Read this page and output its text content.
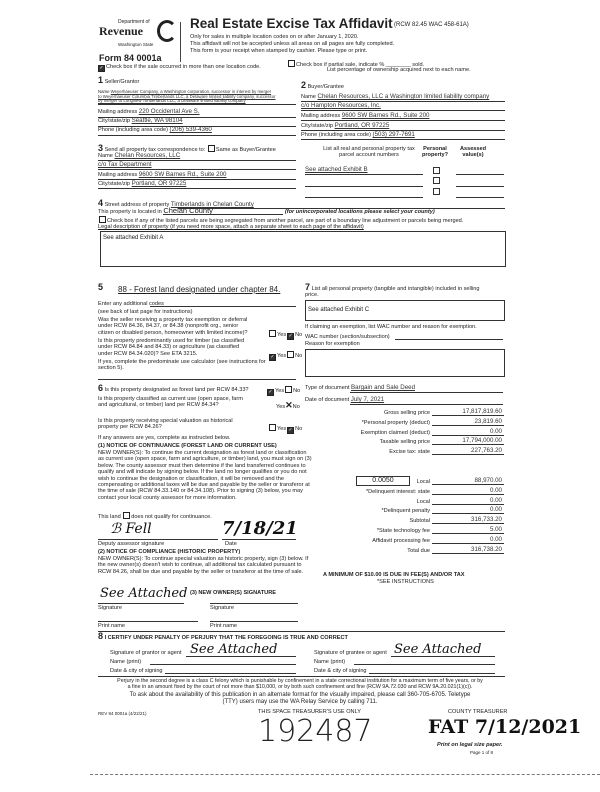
Department of
Revenue
Washington State
Form 84 0001a
Real Estate Excise Tax Affidavit (RCW 82.45 WAC 458-61A)
Only for sales in multiple location codes on or after January 1, 2020.
This affidavit will not be accepted unless all areas on all pages are fully completed.
This form is your receipt when stamped by cashier. Please type or print.
✓ Check box if the sale occurred in more than one location code.	Check box if partial sale, indicate % ________ sold.
List percentage of ownership acquired next to each name.
1 Seller/Grantor
Name Weyerhaeuser Company, a Washington corporation, successor in interest by merger
to Weyerhaeuser Columbia Timberlands LLC, a Delaware limited liability company, successor
by merger to Longview Timberlands LLC, a Delaware limited liability company
Mailing address 220 Occidental Ave S.
City/state/zip Seattle, WA 98104
Phone (including area code) (206) 539-4360
2 Buyer/Grantee
Name Chelan Resources, LLC a Washington limited liability company
c/o Hampton Resources, Inc.
Mailing address 9600 SW Barnes Rd., Suite 200
City/state/zip Portland, OR 97225
Phone (including area code) (503) 297-7691
3 Send all property tax correspondence to: Same as Buyer/Grantee
Name Chelan Resources, LLC
c/o Tax Department
Mailing address 9600 SW Barnes Rd., Suite 200
City/state/zip Portland, OR 97225
List all real and personal property tax
parcel account numbers
Personal
property?
Assessed
value(s)
See attached Exhibit B
4 Street address of property Timberlands in Chelan County
This property is located in Chelan County	(for unincorporated locations please select your county)
Check box if any of the listed parcels are being segregated from another parcel, are part of a boundary line adjustment or parcels being merged.
Legal description of property (if you need more space, attach a separate sheet to each page of the affidavit)
See attached Exhibit A
5 88 - Forest land designated under chapter 84.
Enter any additional codes
(see back of last page for instructions)
Was the seller receiving a property tax exemption or deferral
under RCW 84.36, 84.37, or 84.38 (nonprofit org., senior
citizen or disabled person, homeowner with limited income)?	Yes ✓ No
Is this property predominantly used for timber (as classified
under RCW 84.84 and 84.33) or agriculture (as classified
under RCW 84.34.020)? See ETA 3215.
✓ Yes No
If yes, complete the predominate use calculator (see instructions for
section 5).
6 Is this property designated as forest land per RCW 84.33?	✓ Yes No
Is this property classified as current use (open space, farm
and agricultural, or timber) land per RCW 84.34?	Yes✕No
Is this property receiving special valuation as historical
property per RCW 84.26?	Yes ✓ No
If any answers are yes, complete as instructed below.
(1) NOTICE OF CONTINUANCE (FOREST LAND OR CURRENT USE)
NEW OWNER(S): To continue the current designation as forest land or classification as current use (open space, farm and agriculture, or timber) land, you must sign on (3) below. The county assessor must then determine if the land transferred continues to qualify and will indicate by signing below. If the land no longer qualifies or you do not wish to continue the designation or classification, it will be removed and the compensating or additional taxes will be due and payable by the seller or transferor at the time of sale (RCW 84.33.140 or 84.34.108). Prior to signing (3) below, you may contact your local county assessor for more information.
This land does not qualify for continuance.
ℬ Fell	7/18/21
Deputy assessor signature	Date
(2) NOTICE OF COMPLIANCE (HISTORIC PROPERTY)
NEW OWNER(S): To continue special valuation as historic property, sign (3) below. If the new owner(s) doesn't wish to continue, all additional tax calculated pursuant to RCW 84.26, shall be due and payable by the seller or transferor at the time of sale.
See Attached (3) NEW OWNER(S) SIGNATURE
Signature	Signature
Print name	Print name
7 List all personal property (tangible and intangible) included in selling
price.
See attached Exhibit C
If claiming an exemption, list WAC number and reason for exemption.
WAC number (section/subsection)
Reason for exemption
Type of document Bargain and Sale Deed
Date of document July 7, 2021
Gross selling price	17,817,819.60
*Personal property (deduct)	23,819.60
Exemption claimed (deduct)	0.00
Taxable selling price	17,794,000.00
Excise tax: state	227,763.20
Local	88,970.00
*Delinquent interest: state	0.00
Local	0.00
*Delinquent penalty	0.00
Subtotal	316,733.20
*State technology fee	5.00
Affidavit processing fee	0.00
Total due	316,738.20
0.0050
A MINIMUM OF $10.00 IS DUE IN FEE(S) AND/OR TAX
*SEE INSTRUCTIONS
8 I CERTIFY UNDER PENALTY OF PERJURY THAT THE FOREGOING IS TRUE AND CORRECT
Signature of grantor or agent See Attached	Signature of grantee or agent See Attached
Name (print)	Name (print)
Date & city of signing	Date & city of signing
Perjury in the second degree is a class C felony which is punishable by confinement in a state correctional institution for a maximum term of five years, or by
a fine in an amount fixed by the court of not more than $10,000, or by both such confinement and fine (RCW 9A.72.030 and RCW 9A.20.021(1)(c)).
To ask about the availability of this publication in an alternate format for the visually impaired, please call 360-705-6705. Teletype
(TTY) users may use the WA Relay Service by calling 711.
REV 84 0001a (4/22/21)	THIS SPACE TREASURER'S USE ONLY
192487
COUNTY TREASURER
FAT 7/12/2021
Print on legal size paper.
Page 1 of 8
